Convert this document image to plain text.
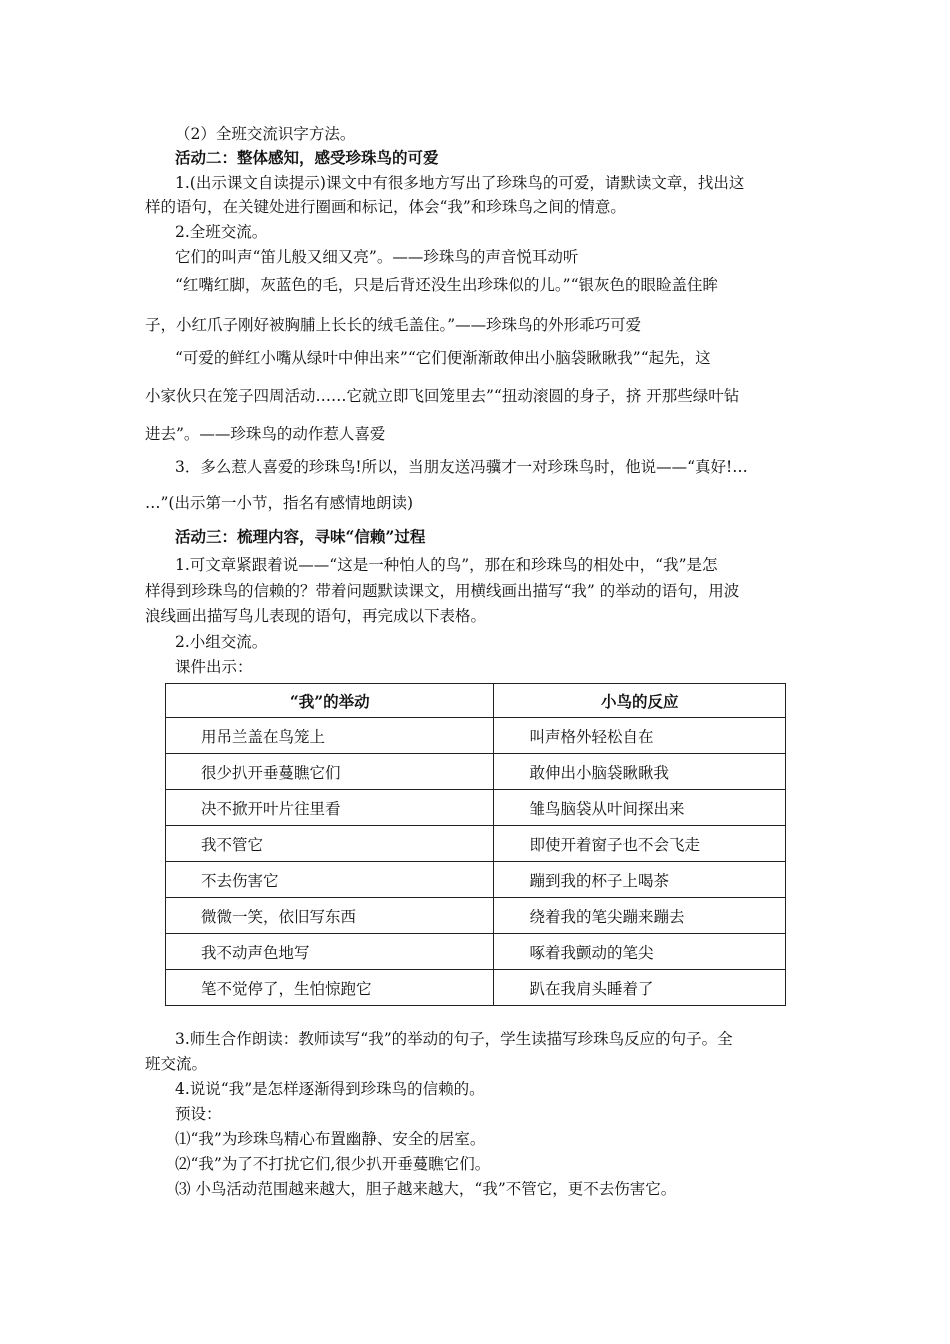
（2）全班交流识字方法。
活动二：整体感知，感受珍珠鸟的可爱
1.(出示课文自读提示)课文中有很多地方写出了珍珠鸟的可爱，请默读文章，找出这
样的语句，在关键处进行圈画和标记，体会“我”和珍珠鸟之间的情意。
2.全班交流。
它们的叫声“笛儿般又细又亮”。——珍珠鸟的声音悦耳动听
“红嘴红脚，灰蓝色的毛，只是后背还没生出珍珠似的儿。”“银灰色的眼睑盖住眸
子，小红爪子刚好被胸脯上长长的绒毛盖住。”——珍珠鸟的外形乖巧可爱
“可爱的鲜红小嘴从绿叶中伸出来”“它们便渐渐敢伸出小脑袋瞅瞅我”“起先，这
小家伙只在笼子四周活动……它就立即飞回笼里去”“扭动滚圆的身子，挤 开那些绿叶钻
进去”。——珍珠鸟的动作惹人喜爱
3．多么惹人喜爱的珍珠鸟!所以，当朋友送冯骥才一对珍珠鸟时，他说——“真好!…
…”(出示第一小节，指名有感情地朗读)
活动三：梳理内容，寻味“信赖”过程
1.可文章紧跟着说——“这是一种怕人的鸟”，那在和珍珠鸟的相处中，“我”是怎
样得到珍珠鸟的信赖的？带着问题默读课文，用横线画出描写“我” 的举动的语句，用波
浪线画出描写鸟儿表现的语句，再完成以下表格。
2.小组交流。
课件出示：
“我”的举动	小鸟的反应
用吊兰盖在鸟笼上	叫声格外轻松自在
很少扒开垂蔓瞧它们	敢伸出小脑袋瞅瞅我
决不掀开叶片往里看	雏鸟脑袋从叶间探出来
我不管它	即使开着窗子也不会飞走
不去伤害它	蹦到我的杯子上喝茶
微微一笑，依旧写东西	绕着我的笔尖蹦来蹦去
我不动声色地写	啄着我颤动的笔尖
笔不觉停了，生怕惊跑它	趴在我肩头睡着了
3.师生合作朗读：教师读写“我”的举动的句子，学生读描写珍珠鸟反应的句子。全
班交流。
4.说说“我”是怎样逐渐得到珍珠鸟的信赖的。
预设：
⑴“我”为珍珠鸟精心布置幽静、安全的居室。
⑵“我”为了不打扰它们,很少扒开垂蔓瞧它们。
⑶ 小鸟活动范围越来越大，胆子越来越大，“我”不管它，更不去伤害它。
